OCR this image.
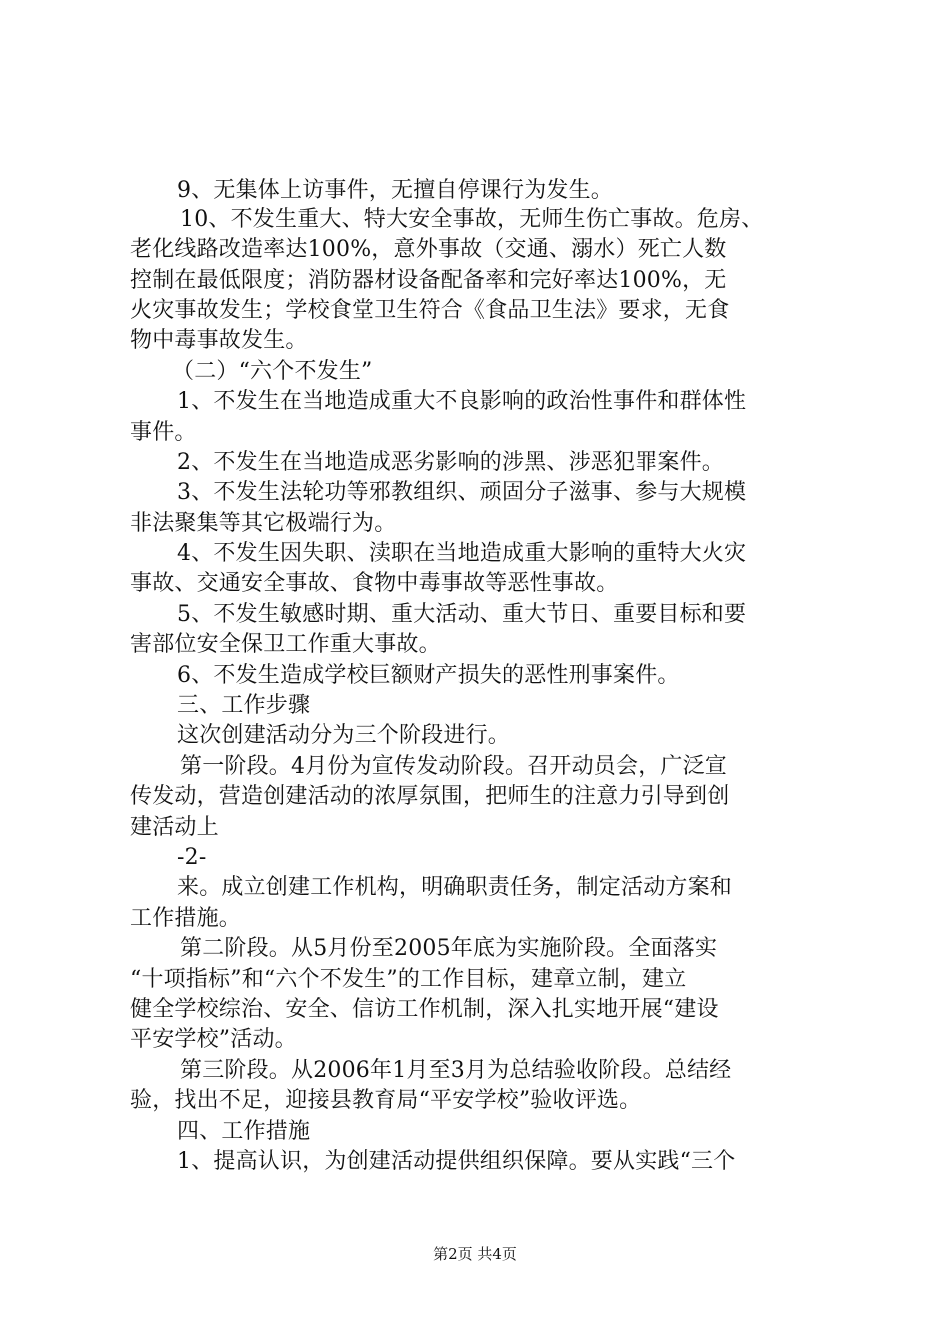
9、无集体上访事件，无擅自停课行为发生。
10、不发生重大、特大安全事故，无师生伤亡事故。危房、
老化线路改造率达100%，意外事故（交通、溺水）死亡人数
控制在最低限度；消防器材设备配备率和完好率达100%，无
火灾事故发生；学校食堂卫生符合《食品卫生法》要求，无食
物中毒事故发生。
（二）“六个不发生”
1、不发生在当地造成重大不良影响的政治性事件和群体性
事件。
2、不发生在当地造成恶劣影响的涉黑、涉恶犯罪案件。
3、不发生法轮功等邪教组织、顽固分子滋事、参与大规模
非法聚集等其它极端行为。
4、不发生因失职、渎职在当地造成重大影响的重特大火灾
事故、交通安全事故、食物中毒事故等恶性事故。
5、不发生敏感时期、重大活动、重大节日、重要目标和要
害部位安全保卫工作重大事故。
6、不发生造成学校巨额财产损失的恶性刑事案件。
三、工作步骤
这次创建活动分为三个阶段进行。
第一阶段。4月份为宣传发动阶段。召开动员会，广泛宣
传发动，营造创建活动的浓厚氛围，把师生的注意力引导到创
建活动上
-2-
来。成立创建工作机构，明确职责任务，制定活动方案和
工作措施。
第二阶段。从5月份至2005年底为实施阶段。全面落实
“十项指标”和“六个不发生”的工作目标，建章立制，建立
健全学校综治、安全、信访工作机制，深入扎实地开展“建设
平安学校”活动。
第三阶段。从2006年1月至3月为总结验收阶段。总结经
验，找出不足，迎接县教育局“平安学校”验收评选。
四、工作措施
1、提高认识，为创建活动提供组织保障。要从实践“三个
第2页 共4页
